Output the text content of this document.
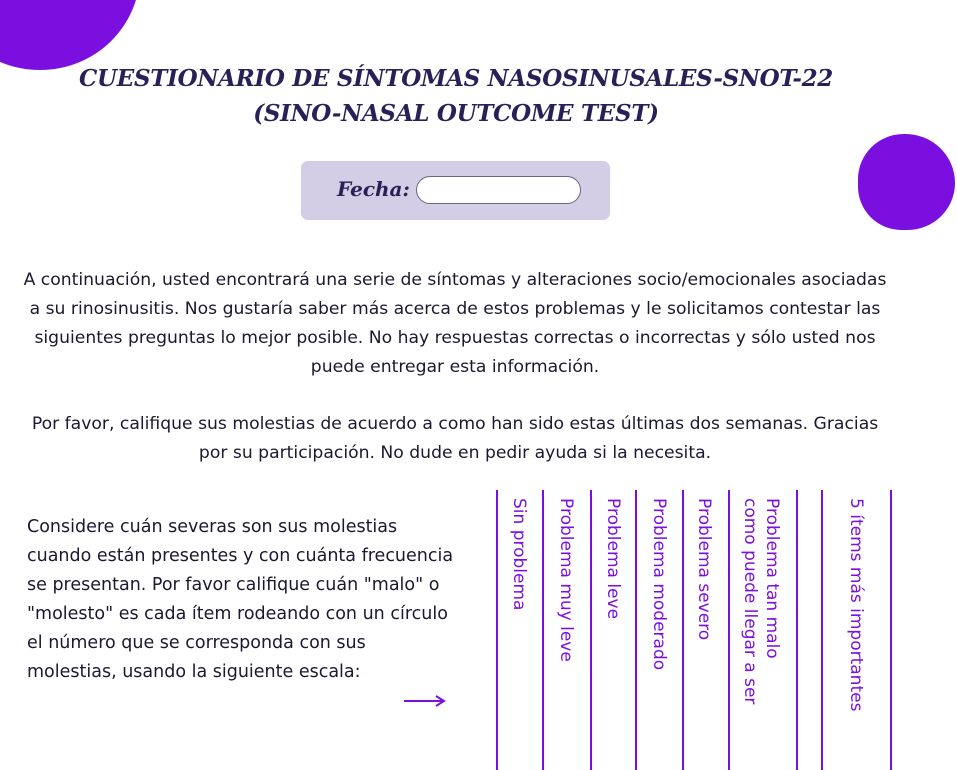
CUESTIONARIO DE SÍNTOMAS NASOSINUSALES-SNOT-22
(SINO-NASAL OUTCOME TEST)
Fecha:

A continuación, usted encontrará una serie de síntomas y alteraciones socio/emocionales asociadas a su rinosinusitis. Nos gustaría saber más acerca de estos problemas y le solicitamos contestar las siguientes preguntas lo mejor posible. No hay respuestas correctas o incorrectas y sólo usted nos puede entregar esta información.

Por favor, califique sus molestias de acuerdo a como han sido estas últimas dos semanas. Gracias por su participación. No dude en pedir ayuda si la necesita.

Considere cuán severas son sus molestias cuando están presentes y con cuánta frecuencia se presentan. Por favor califique cuán "malo" o "molesto" es cada ítem rodeando con un círculo el número que se corresponda con sus molestias, usando la siguiente escala:

Sin problema Problema muy leve Problema leve Problema moderado Problema severo	Problema tan malo
como puede llegar a ser	5 ítems más importantes
